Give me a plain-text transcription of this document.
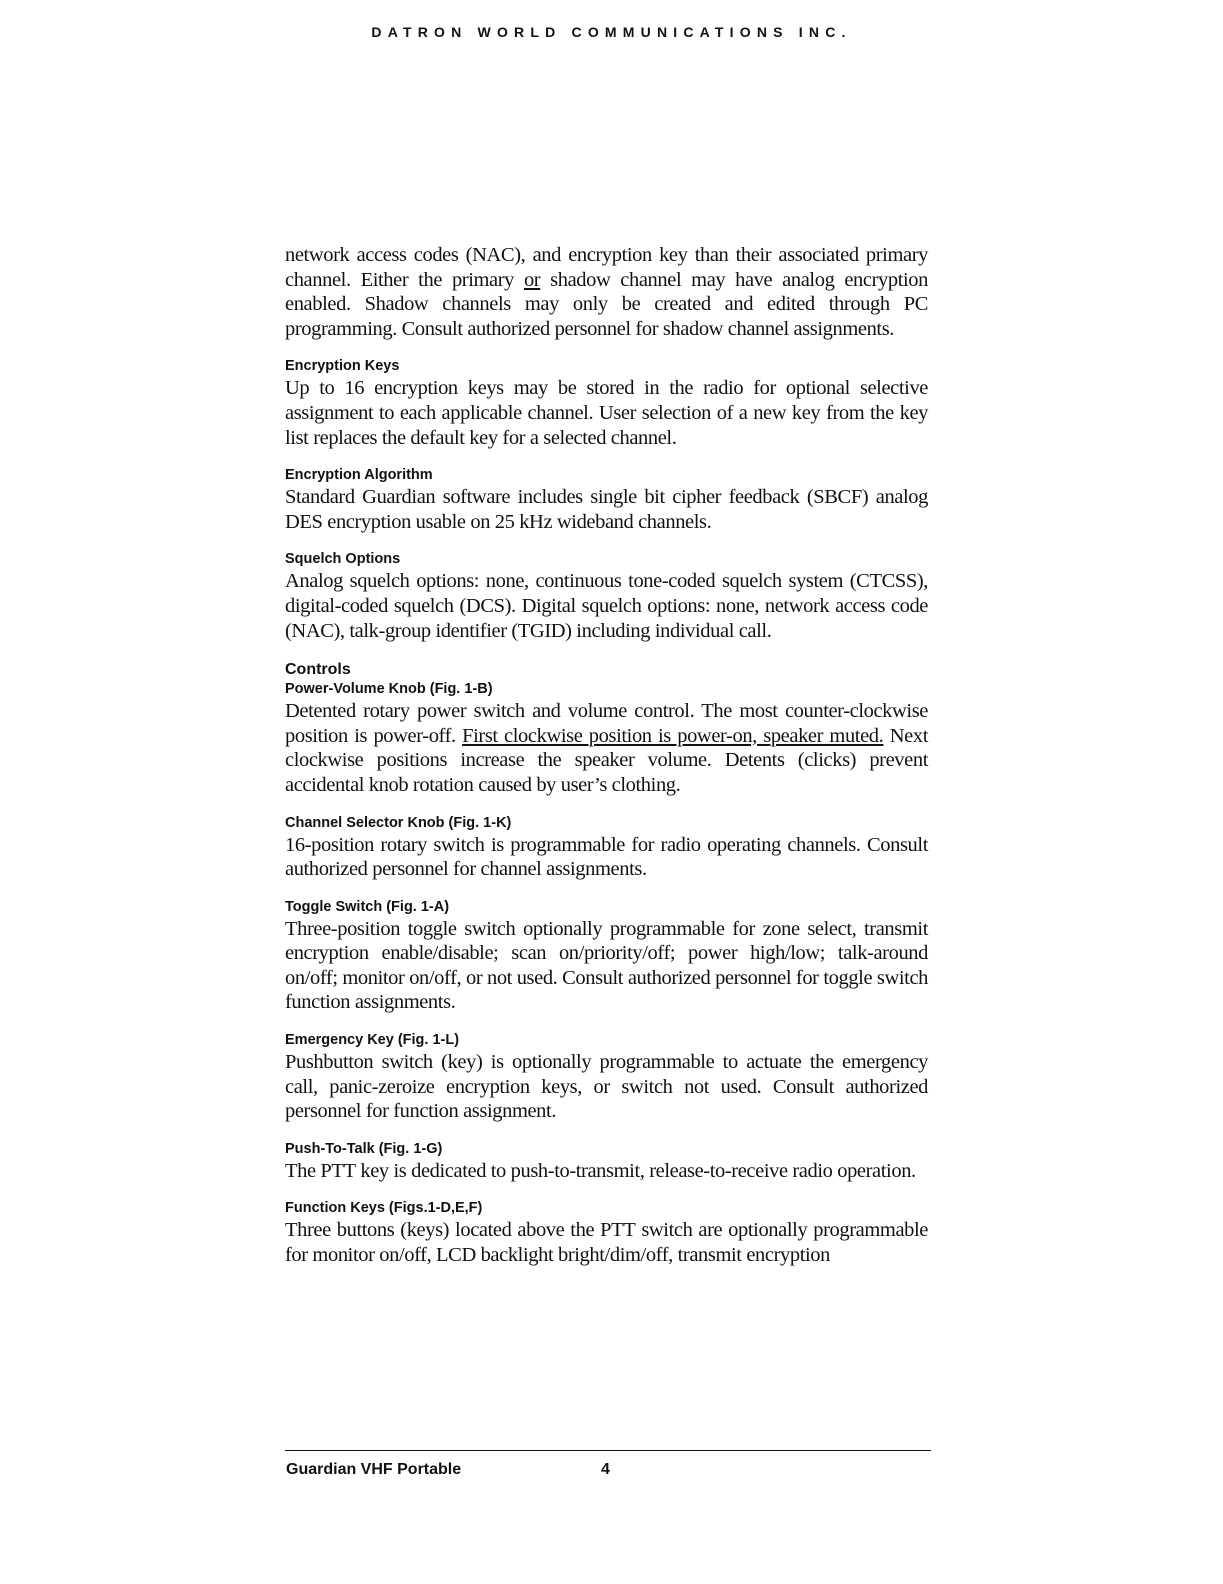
DATRON WORLD COMMUNICATIONS INC.

network access codes (NAC), and encryption key than their associated primary channel. Either the primary or shadow channel may have analog encryption enabled. Shadow channels may only be created and edited through PC programming. Consult authorized personnel for shadow channel assignments.

Encryption Keys

Up to 16 encryption keys may be stored in the radio for optional selective assignment to each applicable channel. User selection of a new key from the key list replaces the default key for a selected channel.

Encryption Algorithm

Standard Guardian software includes single bit cipher feedback (SBCF) analog DES encryption usable on 25 kHz wideband channels.

Squelch Options

Analog squelch options: none, continuous tone-coded squelch system (CTCSS), digital-coded squelch (DCS). Digital squelch options: none, network access code (NAC), talk-group identifier (TGID) including individual call.

Controls
Power-Volume Knob (Fig. 1-B)

Detented rotary power switch and volume control. The most counter-clockwise position is power-off. First clockwise position is power-on, speaker muted. Next clockwise positions increase the speaker volume. Detents (clicks) prevent accidental knob rotation caused by user’s clothing.

Channel Selector Knob (Fig. 1-K)

16-position rotary switch is programmable for radio operating channels. Consult authorized personnel for channel assignments.

Toggle Switch (Fig. 1-A)

Three-position toggle switch optionally programmable for zone select, transmit encryption enable/disable; scan on/priority/off; power high/low; talk-around on/off; monitor on/off, or not used. Consult authorized personnel for toggle switch function assignments.

Emergency Key (Fig. 1-L)

Pushbutton switch (key) is optionally programmable to actuate the emergency call, panic-zeroize encryption keys, or switch not used. Consult authorized personnel for function assignment.

Push-To-Talk (Fig. 1-G)

The PTT key is dedicated to push-to-transmit, release-to-receive radio operation.

Function Keys (Figs.1-D,E,F)

Three buttons (keys) located above the PTT switch are optionally programmable for monitor on/off, LCD backlight bright/dim/off, transmit encryption

Guardian VHF Portable	4
